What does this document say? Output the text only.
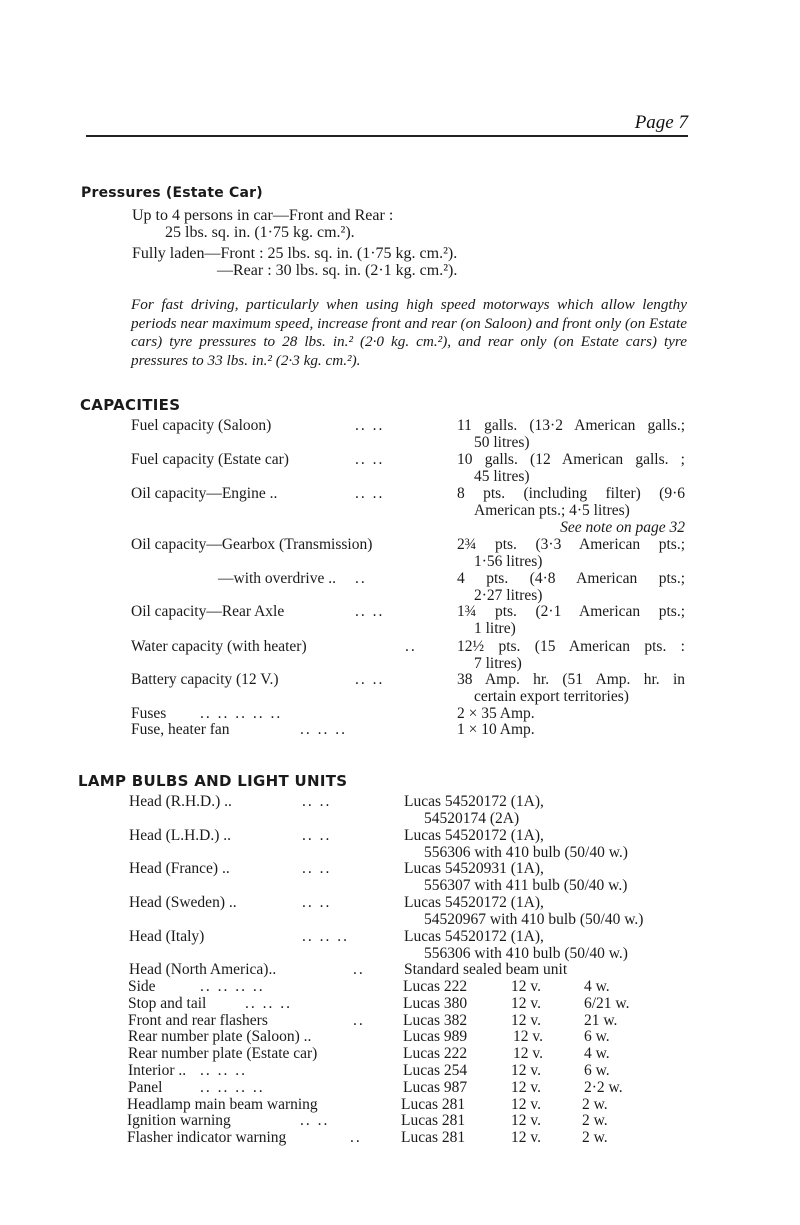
Page 7
Pressures (Estate Car)
Up to 4 persons in car—Front and Rear :
25 lbs. sq. in. (1·75 kg. cm.²).
Fully laden—Front : 25 lbs. sq. in. (1·75 kg. cm.²).
—Rear : 30 lbs. sq. in. (2·1 kg. cm.²).
For fast driving, particularly when using high speed motorways which allow lengthy periods near maximum speed, increase front and rear (on Saloon) and front only (on Estate cars) tyre pressures to 28 lbs. in.² (2·0 kg. cm.²), and rear only (on Estate cars) tyre pressures to 33 lbs. in.² (2·3 kg. cm.²).
CAPACITIES
Fuel capacity (Saloon)	.. ..	11 galls. (13·2 American galls.;
50 litres)
Fuel capacity (Estate car)	.. ..	10 galls. (12 American galls. ;
45 litres)
Oil capacity—Engine ..	.. ..	8 pts. (including filter) (9·6
American pts.; 4·5 litres)
See note on page 32
Oil capacity—Gearbox (Transmission)	2¾ pts. (3·3 American pts.;
1·56 litres)
—with overdrive .. ..	4 pts. (4·8 American pts.;
2·27 litres)
Oil capacity—Rear Axle	.. ..	1¾ pts. (2·1 American pts.;
1 litre)
Water capacity (with heater)	..	12½ pts. (15 American pts. :
7 litres)
Battery capacity (12 V.)	.. ..	38 Amp. hr. (51 Amp. hr. in
certain export territories)
Fuses .. .. .. .. ..	2 × 35 Amp.
Fuse, heater fan	.. .. ..	1 × 10 Amp.
LAMP BULBS AND LIGHT UNITS
Head (R.H.D.) ..	.. ..	Lucas 54520172 (1A),
54520174 (2A)
Head (L.H.D.) ..	.. ..	Lucas 54520172 (1A),
556306 with 410 bulb (50/40 w.)
Head (France) ..	.. ..	Lucas 54520931 (1A),
556307 with 411 bulb (50/40 w.)
Head (Sweden) ..	.. ..	Lucas 54520172 (1A),
54520967 with 410 bulb (50/40 w.)
Head (Italy)	.. .. ..	Lucas 54520172 (1A),
556306 with 410 bulb (50/40 w.)
Head (North America)..	..	Standard sealed beam unit
Side	.. .. .. ..	Lucas 222	12 v.	4 w.
Stop and tail .. .. ..	Lucas 380	12 v.	6/21 w.
Front and rear flashers	.. Lucas 382	12 v.	21 w.
Rear number plate (Saloon) ..	Lucas 989	12 v.	6 w.
Rear number plate (Estate car)	Lucas 222	12 v.	4 w.
Interior .. .. .. ..	Lucas 254	12 v.	6 w.
Panel .. .. .. ..	Lucas 987	12 v.	2·2 w.
Headlamp main beam warning	Lucas 281	12 v.	2 w.
Ignition warning	.. ..	Lucas 281	12 v.	2 w.
Flasher indicator warning	..	Lucas 281	12 v.	2 w.
